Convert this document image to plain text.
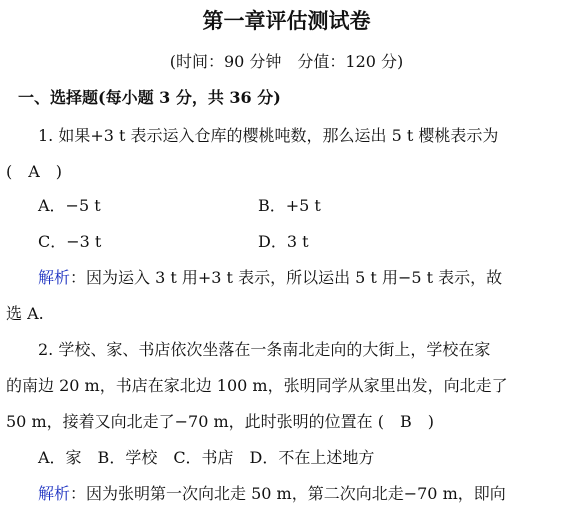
第一章评估测试卷
(时间：90 分钟　分值：120 分)
一、选择题(每小题 3 分，共 36 分)
1. 如果+3 t 表示运入仓库的樱桃吨数，那么运出 5 t 樱桃表示为
(　A　)
A．−5 t	B．+5 t
C．−3 t	D．3 t
解析：因为运入 3 t 用+3 t 表示，所以运出 5 t 用−5 t 表示，故
选 A.
2. 学校、家、书店依次坐落在一条南北走向的大街上，学校在家
的南边 20 m，书店在家北边 100 m，张明同学从家里出发，向北走了
50 m，接着又向北走了−70 m，此时张明的位置在 (　B　)
A．家　B．学校　C．书店　D．不在上述地方
解析：因为张明第一次向北走 50 m，第二次向北走−70 m，即向
